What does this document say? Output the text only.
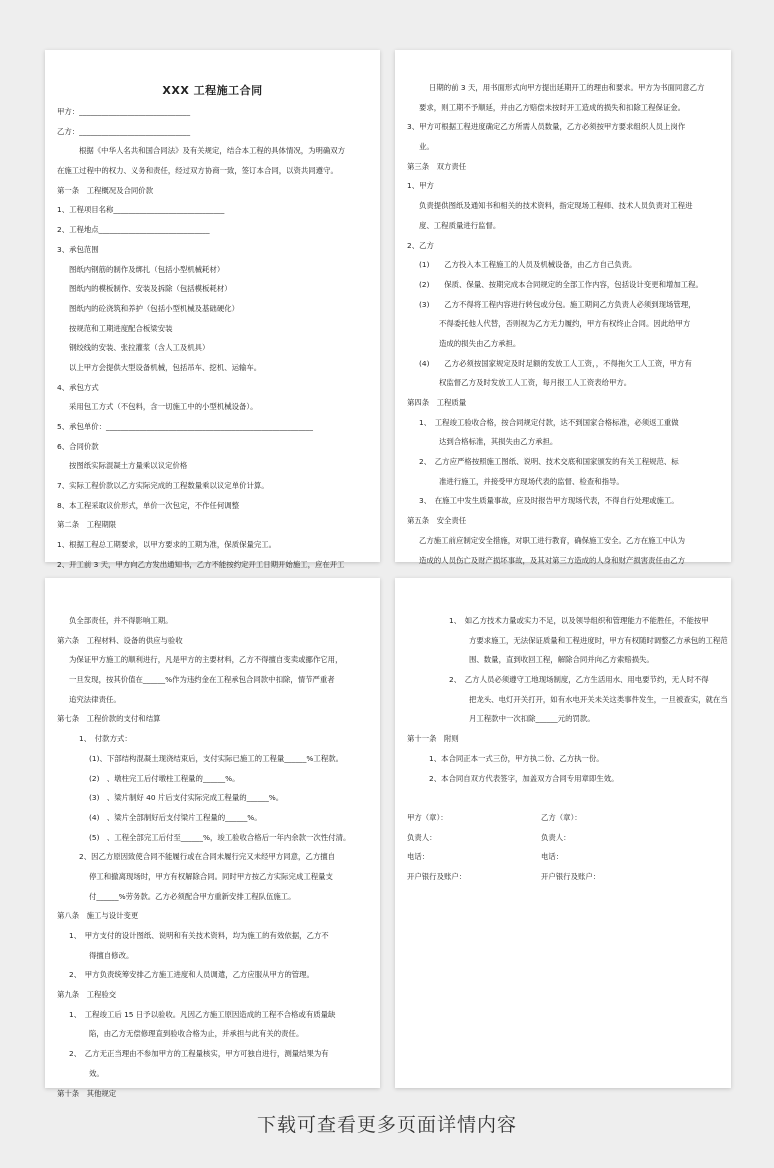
XXX 工程施工合同
甲方：______________________________
乙方：______________________________
根据《中华人名共和国合同法》及有关规定，结合本工程的具体情况，为明确双方
在施工过程中的权力、义务和责任，经过双方协商一致，签订本合同，以资共同遵守。
第一条　工程概况及合同价款
1、工程项目名称______________________________
2、工程地点______________________________
3、承包范围
图纸内钢筋的制作及绑扎（包括小型机械耗材）
图纸内的模板制作、安装及拆除（包括模板耗材）
图纸内的砼浇筑和养护（包括小型机械及基础硬化）
按规范和工期进度配合板梁安装
钢绞线的安装、张拉灌浆（含人工及机具）
以上甲方会提供大型设备机械，包括吊车、挖机、运输车。
4、承包方式
采用包工方式（不包料，含一切施工中的小型机械设备）。
5、承包单价：________________________________________________________
6、合同价款
按图纸实际混凝土方量乘以议定价格
7、实际工程价款以乙方实际完成的工程数量乘以议定单价计算。
8、本工程采取议价形式，单价一次包定，不作任何调整
第二条　工程期限
1、根据工程总工期要求，以甲方要求的工期为准，保质保量完工。
2、开工前 3 天，甲方向乙方发出通知书，乙方不能按约定开工日期开始施工，应在开工
日期的前 3 天，用书面形式向甲方提出延期开工的理由和要求。甲方为书面同意乙方
要求，则工期不予顺延，并由乙方赔偿未按时开工造成的损失和扣除工程保证金。
3、甲方可根据工程进度确定乙方所需人员数量，乙方必须按甲方要求组织人员上岗作
业。
第三条　双方责任
1、甲方
负责提供图纸及通知书和相关的技术资料，指定现场工程师、技术人员负责对工程进
度、工程质量进行监督。
2、乙方
(1)　　乙方投入本工程施工的人员及机械设备，由乙方自己负责。
(2)　　保质、保量、按期完成本合同规定的全部工作内容，包括设计变更和增加工程。
(3)　　乙方不得将工程内容进行转包或分包。施工期间乙方负责人必须到现场管理，
不得委托他人代替，否则视为乙方无力履约，甲方有权终止合同。因此给甲方
造成的损失由乙方承担。
(4)　　乙方必须按国家规定及时足额的发放工人工资，，不得拖欠工人工资，甲方有
权监督乙方及时发放工人工资，每月报工人工资表给甲方。
第四条　工程质量
1、　工程竣工验收合格，按合同规定付款，达不到国家合格标准，必须返工重做
达到合格标准，其损失由乙方承担。
2、　乙方应严格按照施工图纸、说明、技术交底和国家颁发的有关工程规范、标
准进行施工，并接受甲方现场代表的监督、检查和指导。
3、　在施工中发生质量事故，应及时报告甲方现场代表，不得自行处理或施工。
第五条　安全责任
乙方施工前应制定安全措施，对职工进行教育，确保施工安全。乙方在施工中认为
造成的人员伤亡及财产损坏事故，及其对第三方造成的人身和财产损害责任由乙方
负全部责任，并不得影响工期。
第六条　工程材料、设备的供应与验收
为保证甲方施工的顺利进行，凡是甲方的主要材料，乙方不得擅自变卖或挪作它用，
一旦发现，按其价值在______%作为违约金在工程承包合同款中扣除，情节严重者
追究法律责任。
第七条　工程价款的支付和结算
1、　付款方式：
(1)、下部结构混凝土现浇结束后，支付实际已施工的工程量______%工程款。
(2)　、墩柱完工后付墩柱工程量的______%。
(3)　、梁片制好 40 片后支付实际完成工程量的______%。
(4)　、梁片全部制好后支付梁片工程量的______%。
(5)　、工程全部完工后付至______%，竣工验收合格后一年内余款一次性付清。
2、因乙方原因致使合同不能履行或在合同未履行完又未经甲方同意，乙方擅自
停工和撤离现场时，甲方有权解除合同。同时甲方按乙方实际完成工程量支
付______%劳务款。乙方必须配合甲方重新安排工程队伍施工。
第八条　施工与设计变更
1、　甲方支付的设计图纸、说明和有关技术资料，均为施工的有效依据，乙方不
得擅自修改。
2、　甲方负责统筹安排乙方施工进度和人员调遣，乙方应服从甲方的管理。
第九条　工程验交
1、　工程竣工后 15 日予以验收。凡因乙方施工原因造成的工程不合格或有质量缺
陷，由乙方无偿修理直到验收合格为止，并承担与此有关的责任。
2、　乙方无正当理由不参加甲方的工程量核实，甲方可独自进行，测量结果为有
效。
第十条　其他规定
1、　如乙方技术力量或实力不足，以及领导组织和管理能力不能胜任，不能按甲
方要求施工，无法保证质量和工程进度时，甲方有权随时调整乙方承包的工程范
围、数量，直到收回工程，解除合同并向乙方索赔损失。
2、　乙方人员必须遵守工地现场制度，乙方生活用水、用电要节约，无人时不得
把龙头、电灯开关打开，如有水电开关未关这类事件发生，一旦被查实，就在当
月工程款中一次扣除______元的罚款。
第十一条　附则
1、本合同正本一式三份，甲方执二份、乙方执一份。
2、本合同自双方代表签字，加盖双方合同专用章即生效。
甲方（章）：
负责人：
电话：
开户银行及账户：
乙方（章）：
负责人：
电话：
开户银行及账户：
下载可查看更多页面详情内容
